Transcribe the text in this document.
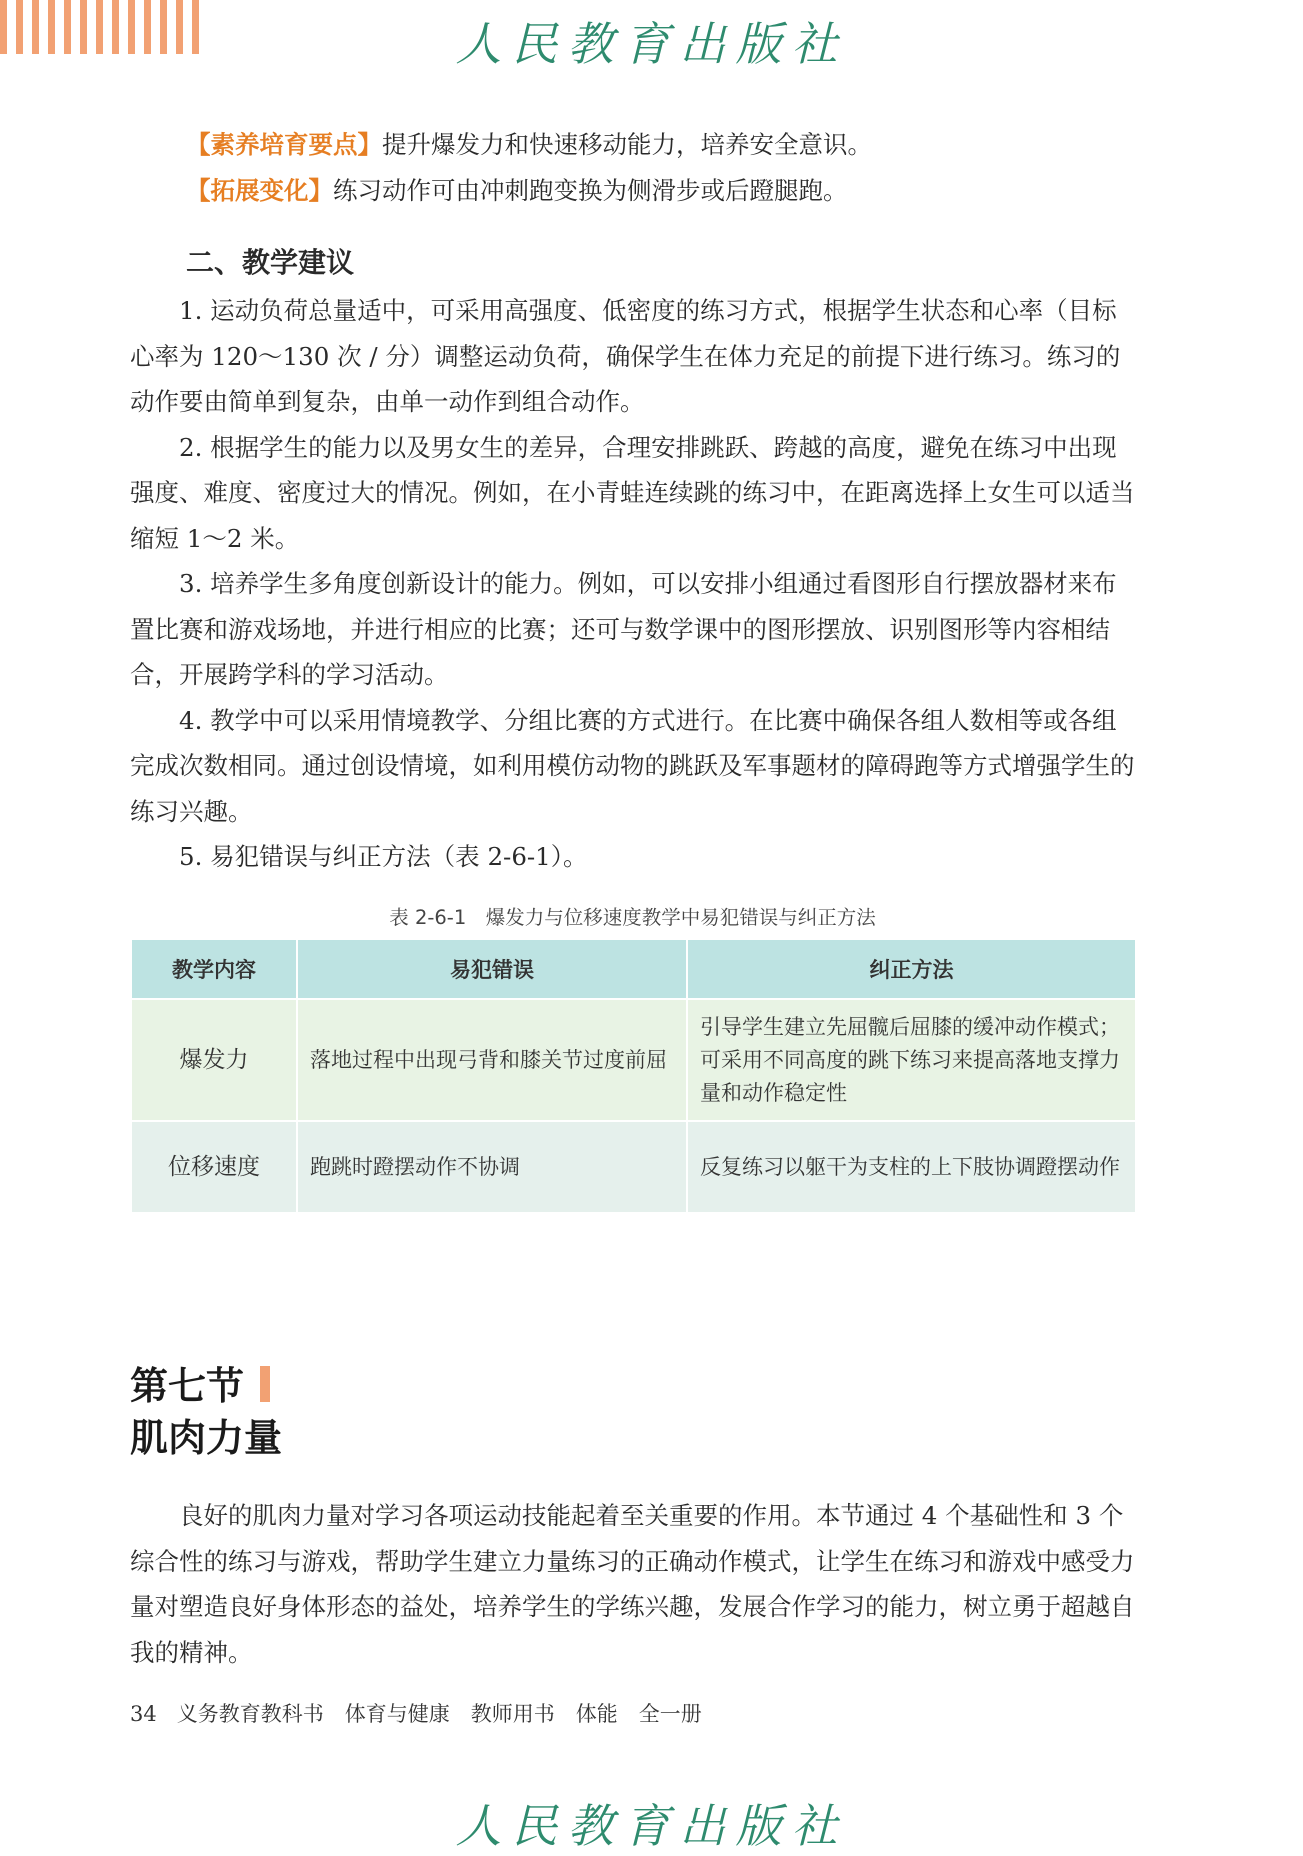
人民教育出版社

【素养培育要点】提升爆发力和快速移动能力，培养安全意识。

【拓展变化】练习动作可由冲刺跑变换为侧滑步或后蹬腿跑。

二、教学建议

1. 运动负荷总量适中，可采用高强度、低密度的练习方式，根据学生状态和心率（目标心率为 120～130 次 / 分）调整运动负荷，确保学生在体力充足的前提下进行练习。练习的动作要由简单到复杂，由单一动作到组合动作。

2. 根据学生的能力以及男女生的差异，合理安排跳跃、跨越的高度，避免在练习中出现强度、难度、密度过大的情况。例如，在小青蛙连续跳的练习中，在距离选择上女生可以适当缩短 1～2 米。

3. 培养学生多角度创新设计的能力。例如，可以安排小组通过看图形自行摆放器材来布置比赛和游戏场地，并进行相应的比赛；还可与数学课中的图形摆放、识别图形等内容相结合，开展跨学科的学习活动。

4. 教学中可以采用情境教学、分组比赛的方式进行。在比赛中确保各组人数相等或各组完成次数相同。通过创设情境，如利用模仿动物的跳跃及军事题材的障碍跑等方式增强学生的练习兴趣。

5. 易犯错误与纠正方法（表 2-6-1）。

表 2-6-1　爆发力与位移速度教学中易犯错误与纠正方法
教学内容	易犯错误	纠正方法
爆发力	落地过程中出现弓背和膝关节过度前屈	引导学生建立先屈髋后屈膝的缓冲动作模式；可采用不同高度的跳下练习来提高落地支撑力量和动作稳定性
位移速度	跑跳时蹬摆动作不协调	反复练习以躯干为支柱的上下肢协调蹬摆动作
第七节
肌肉力量

良好的肌肉力量对学习各项运动技能起着至关重要的作用。本节通过 4 个基础性和 3 个综合性的练习与游戏，帮助学生建立力量练习的正确动作模式，让学生在练习和游戏中感受力量对塑造良好身体形态的益处，培养学生的学练兴趣，发展合作学习的能力，树立勇于超越自我的精神。

34 义务教育教科书　体育与健康　教师用书　体能　全一册
人民教育出版社
